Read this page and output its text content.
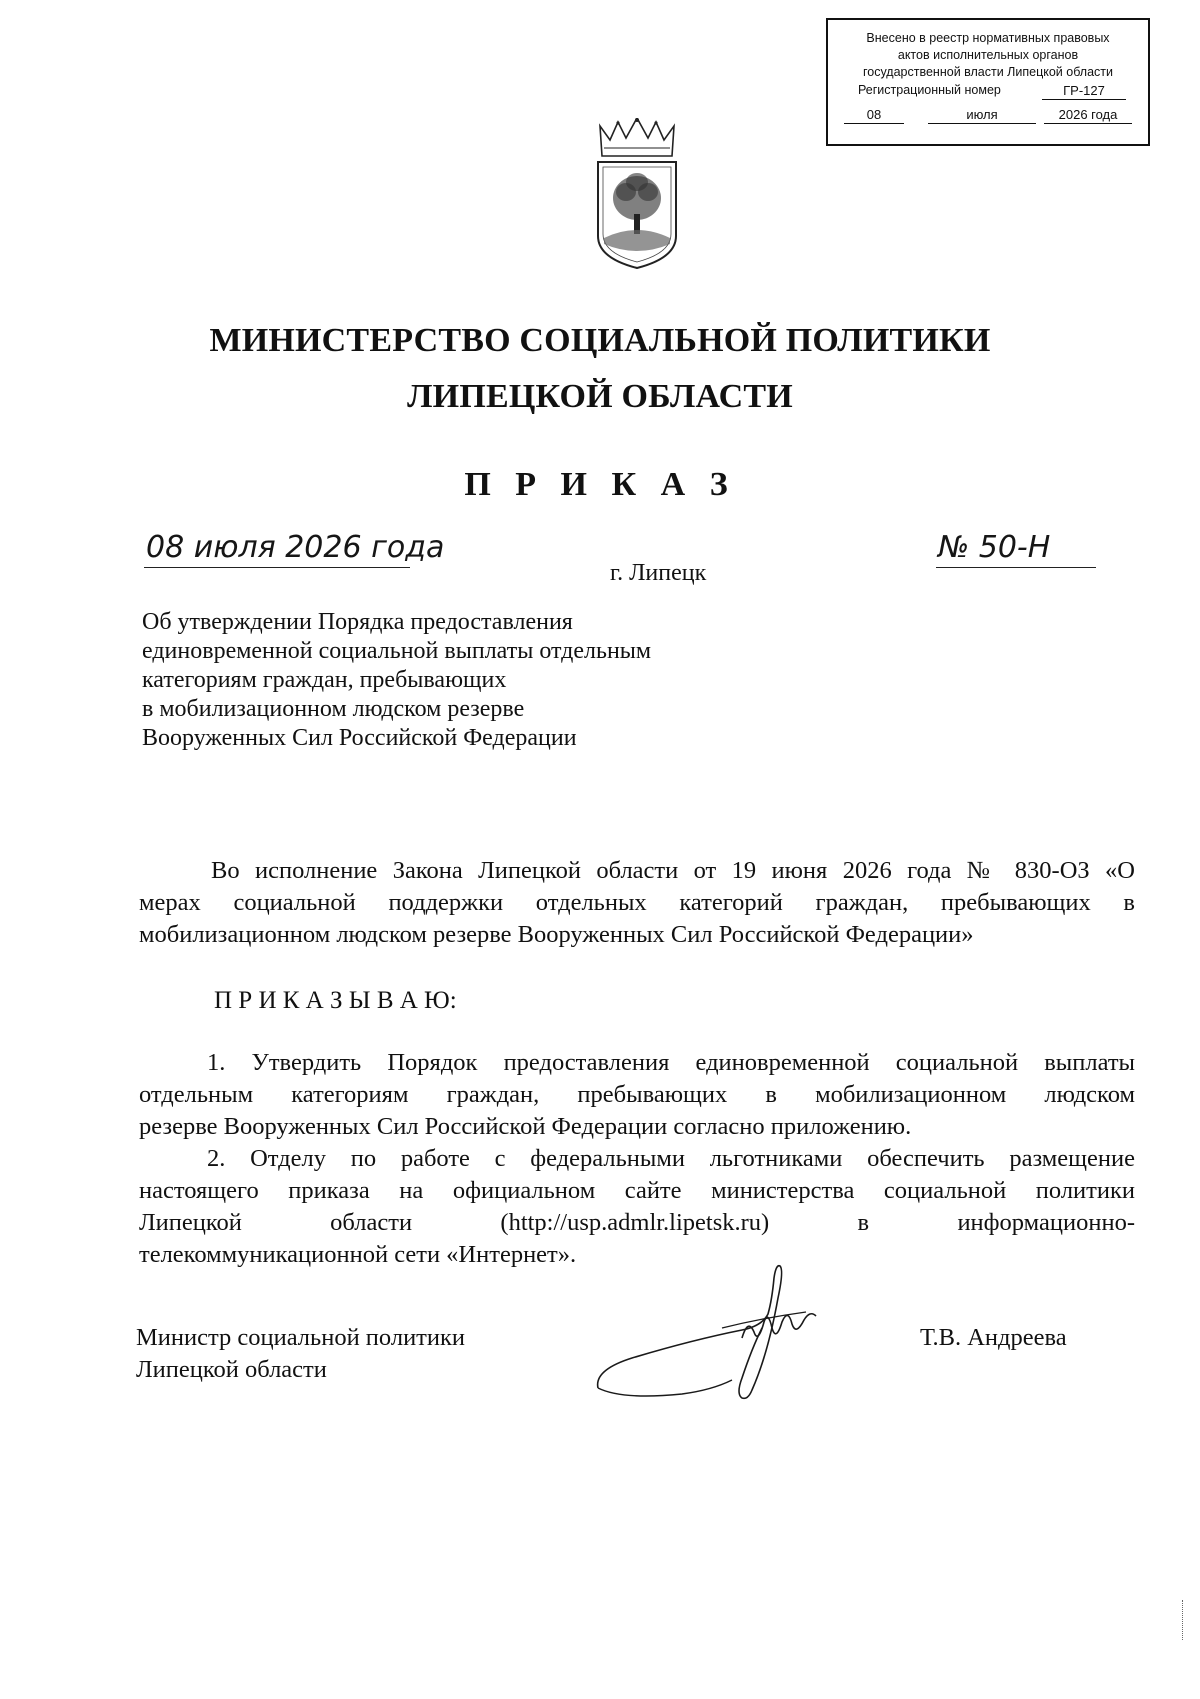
Внесено в реестр нормативных правовых
актов исполнительных органов
государственной власти Липецкой области
Регистрационный номер	ГР-127
08	июля	2026 года
МИНИСТЕРСТВО СОЦИАЛЬНОЙ ПОЛИТИКИ
ЛИПЕЦКОЙ ОБЛАСТИ
П Р И К А З
08 июля 2026 года	№ 50-Н
г. Липецк
Об утверждении Порядка предоставления
единовременной социальной выплаты отдельным
категориям граждан, пребывающих
в мобилизационном людском резерве
Вооруженных Сил Российской Федерации
Во исполнение Закона Липецкой области от 19 июня 2026 года № 830-ОЗ «О
мерах социальной поддержки отдельных категорий граждан, пребывающих в
мобилизационном людском резерве Вооруженных Сил Российской Федерации»
П Р И К А З Ы В А Ю:
1. Утвердить Порядок предоставления единовременной социальной выплаты
отдельным категориям граждан, пребывающих в мобилизационном людском
резерве Вооруженных Сил Российской Федерации согласно приложению.
2. Отделу по работе с федеральными льготниками обеспечить размещение
настоящего приказа на официальном сайте министерства социальной политики
Липецкой области (http://usp.admlr.lipetsk.ru) в информационно-
телекоммуникационной сети «Интернет».
Министр социальной политики
Липецкой области
Т.В. Андреева
